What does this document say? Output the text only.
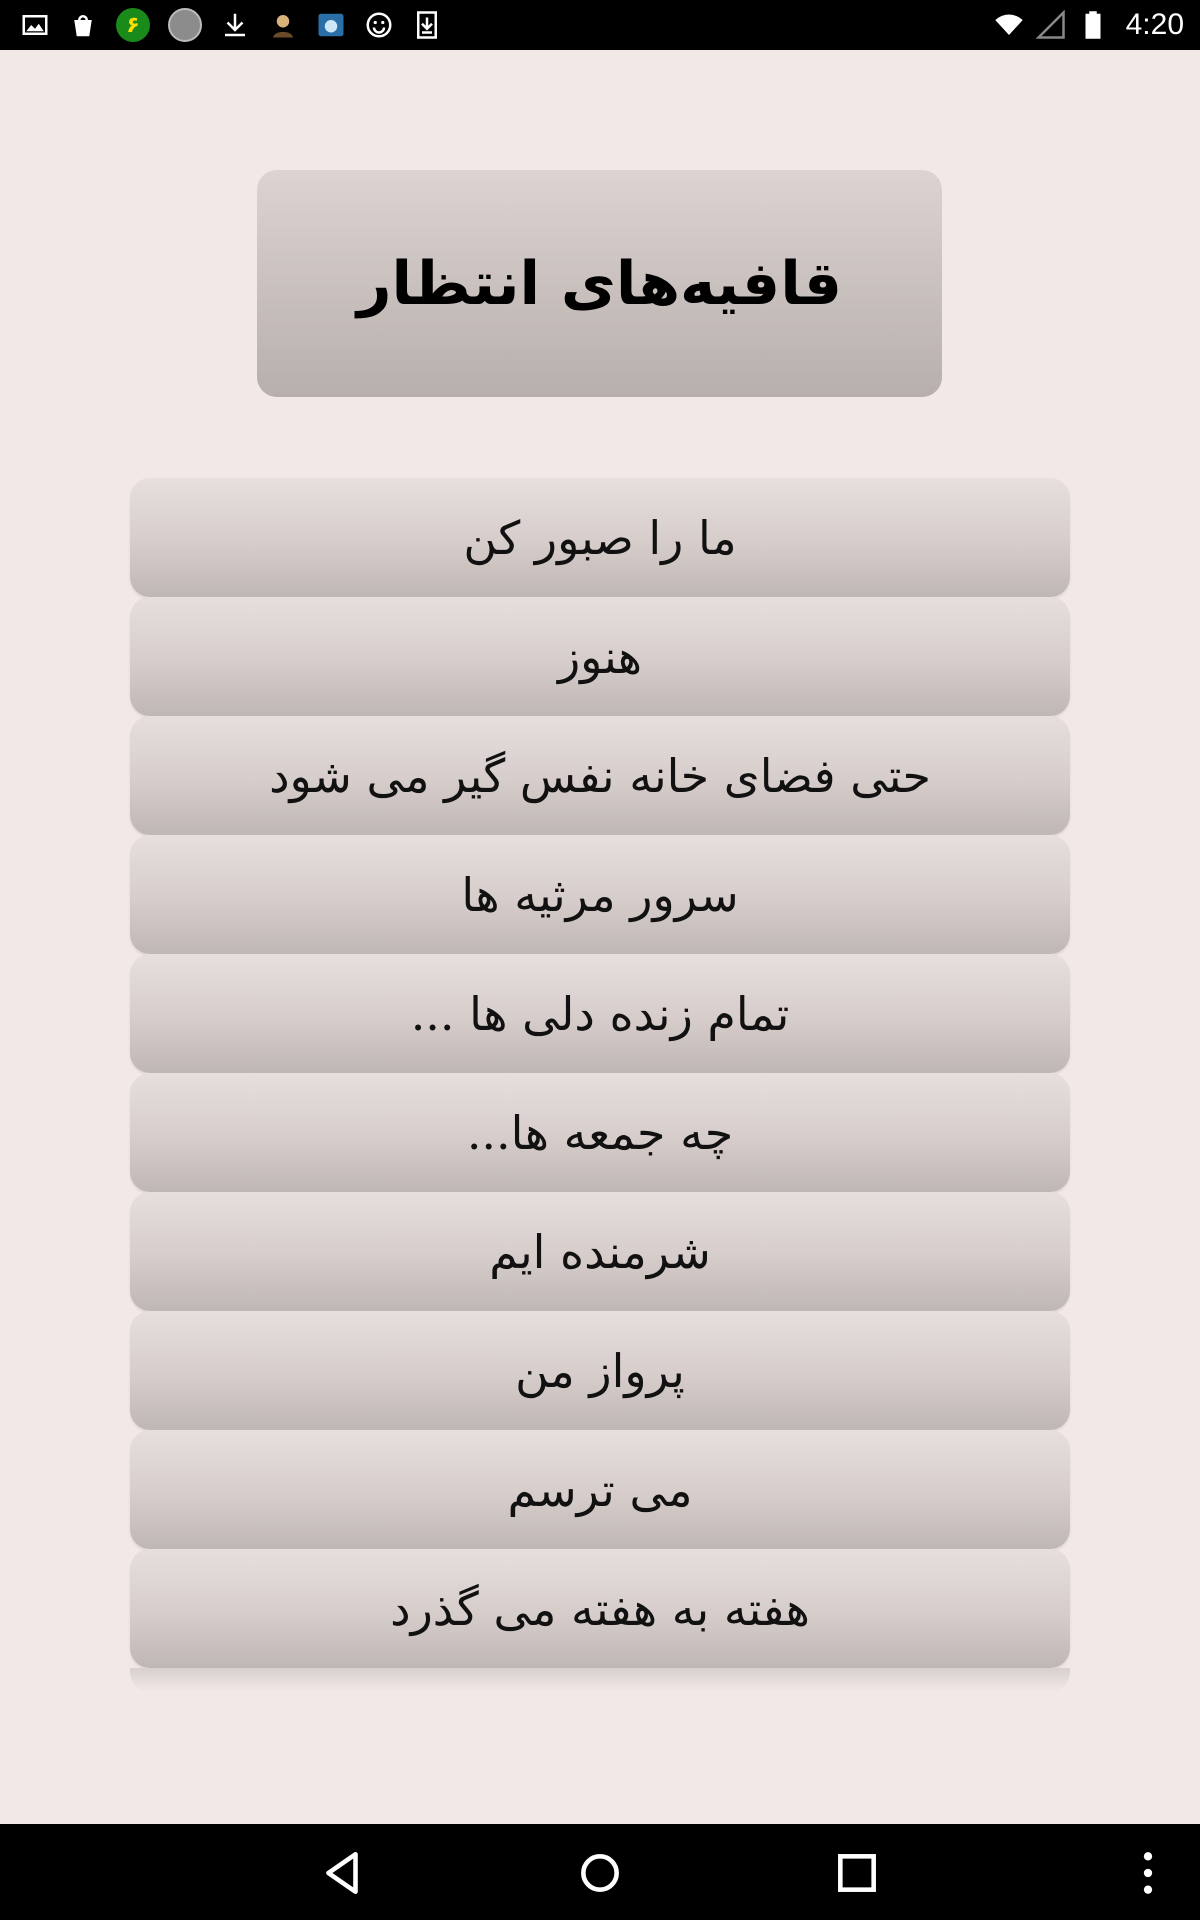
۶	4:20
قافیه‌های انتظار
ما را صبور کن
هنوز
حتی فضای خانه نفس گیر می شود
سرور مرثیه ها
تمام زنده دلی ها ...
چه جمعه ها...
شرمنده ایم
پرواز من
می ترسم
هفته به هفته می گذرد
